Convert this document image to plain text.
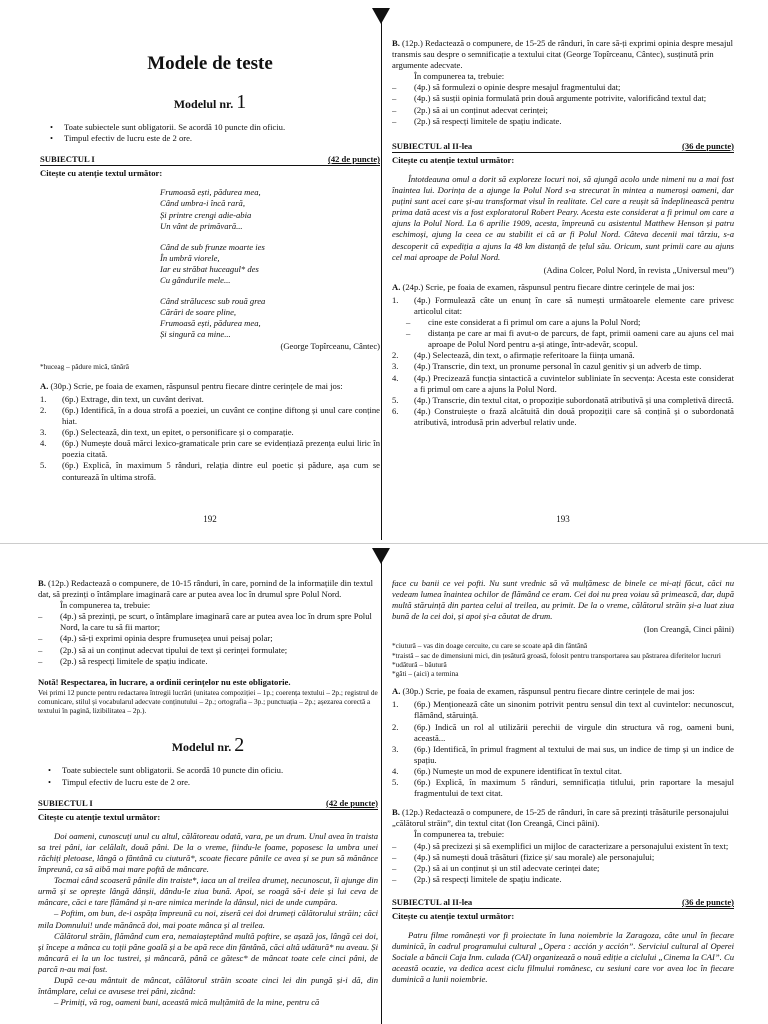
Modele de teste
Modelul nr. 1
• Toate subiectele sunt obligatorii. Se acordă 10 puncte din oficiu.
• Timpul efectiv de lucru este de 2 ore.
SUBIECTUL I	(42 de puncte)
Citește cu atenție textul următor:
Frumoasă ești, pădurea mea,
Când umbra-i încă rară,
Și printre crengi adie-abia
Un vânt de primăvară...
Când de sub frunze moarte ies
În umbră viorele,
Iar eu străbat huceagul* des
Cu gândurile mele...
Când strălucesc sub rouă grea
Cărări de soare pline,
Frumoasă ești, pădurea mea,
Și singură ca mine...
(George Topîrceanu, Cântec)
*huceag – pădure mică, tânără
A. (30p.) Scrie, pe foaia de examen, răspunsul pentru fiecare dintre cerințele de mai jos:
1. (6p.) Extrage, din text, un cuvânt derivat.
2. (6p.) Identifică, în a doua strofă a poeziei, un cuvânt ce conține diftong și unul care conține hiat.
3. (6p.) Selectează, din text, un epitet, o personificare și o comparație.
4. (6p.) Numește două mărci lexico-gramaticale prin care se evidențiază prezența eului liric în poezia citată.
5. (6p.) Explică, în maximum 5 rânduri, relația dintre eul poetic și pădure, așa cum se conturează în ultima strofă.
192
B. (12p.) Redactează o compunere, de 15-25 de rânduri, în care să-ți exprimi opinia despre mesajul transmis sau despre o semnificație a textului citat (George Topîrceanu, Cântec), susținută prin argumente adecvate.
În compunerea ta, trebuie:
– (4p.) să formulezi o opinie despre mesajul fragmentului dat;
– (4p.) să susții opinia formulată prin două argumente potrivite, valorificând textul dat;
– (2p.) să ai un conținut adecvat cerinței;
– (2p.) să respecți limitele de spațiu indicate.
SUBIECTUL al II-lea	(36 de puncte)
Citește cu atenție textul următor:

Întotdeauna omul a dorit să exploreze locuri noi, să ajungă acolo unde nimeni nu a mai fost înaintea lui. Dorința de a ajunge la Polul Nord s-a strecurat în mintea a numeroși oameni, dar puțini sunt acei care și-au transformat visul în realitate. Cel care a reușit să îndeplinească pentru prima dată acest vis a fost exploratorul Robert Peary. Acesta este considerat a fi primul om care a ajuns la Polul Nord. La 6 aprilie 1909, acesta, împreună cu asistentul Matthew Henson și patru eschimoși, ajung la ceea ce au stabilit ei că ar fi Polul Nord. Câteva decenii mai târziu, s-a descoperit că expediția a ajuns la 48 km distanță de țelul său. Oricum, sunt primii care au ajuns cel mai aproape de Polul Nord.

(Adina Colcer, Polul Nord, în revista „Universul meu”)
A. (24p.) Scrie, pe foaia de examen, răspunsul pentru fiecare dintre cerințele de mai jos:
1. (4p.) Formulează câte un enunț în care să numești următoarele elemente care privesc articolul citat:
– cine este considerat a fi primul om care a ajuns la Polul Nord;
– distanța pe care ar mai fi avut-o de parcurs, de fapt, primii oameni care au ajuns cel mai aproape de Polul Nord pentru a-și atinge, într-adevăr, scopul.
2. (4p.) Selectează, din text, o afirmație referitoare la ființa umană.
3. (4p.) Transcrie, din text, un pronume personal în cazul genitiv și un adverb de timp.
4. (4p.) Precizează funcția sintactică a cuvintelor subliniate în secvența: Acesta este considerat a fi primul om care a ajuns la Polul Nord.
5. (4p.) Transcrie, din textul citat, o propoziție subordonată atributivă și una completivă directă.
6. (4p.) Construiește o frază alcătuită din două propoziții care să conțină și o subordonată atributivă, introdusă prin adverbul relativ unde.
193
B. (12p.) Redactează o compunere, de 10-15 rânduri, în care, pornind de la informațiile din textul dat, să prezinți o întâmplare imaginară care ar putea avea loc în drumul spre Polul Nord.
În compunerea ta, trebuie:
– (4p.) să prezinți, pe scurt, o întâmplare imaginară care ar putea avea loc în drum spre Polul Nord, la care tu să fii martor;
– (4p.) să-ți exprimi opinia despre frumusețea unui peisaj polar;
– (2p.) să ai un conținut adecvat tipului de text și cerinței formulate;
– (2p.) să respecți limitele de spațiu indicate.
Notă! Respectarea, în lucrare, a ordinii cerințelor nu este obligatorie.
Vei primi 12 puncte pentru redactarea întregii lucrări (unitatea compoziției – 1p.; coerența textului – 2p.; registrul de comunicare, stilul și vocabularul adecvate conținutului – 2p.; ortografia – 3p.; punctuația – 2p.; așezarea corectă a textului în pagină, lizibilitatea – 2p.).
Modelul nr. 2
• Toate subiectele sunt obligatorii. Se acordă 10 puncte din oficiu.
• Timpul efectiv de lucru este de 2 ore.
SUBIECTUL I	(42 de puncte)
Citește cu atenție textul următor:

Doi oameni, cunoscuți unul cu altul, călătoreau odată, vara, pe un drum. Unul avea în traista sa trei pâni, iar celălalt, două pâni. De la o vreme, fiindu-le foame, poposesc la umbra unei răchiți pletoase, lângă o fântână cu ciutură*, scoate fiecare pânile ce avea și se pun să mănânce împreună, ca să aibă mai mare poftă de mâncare.

Tocmai când scoaseră pânile din traiste*, iaca un al treilea drumeț, necunoscut, îi ajunge din urmă și se oprește lângă dânșii, dându-le ziua bună. Apoi, se roagă să-i deie și lui ceva de mâncare, căci e tare flămând și n-are nimica merinde la dânsul, nici de unde cumpăra.

– Poftim, om bun, de-i ospăța împreună cu noi, ziseră cei doi drumeți călătorului străin; căci mila Domnului! unde mănâncă doi, mai poate mânca și al treilea.

Călătorul străin, flămând cum era, nemaiașteptând multă poftire, se așază jos, lângă cei doi, și începe a mânca cu toții pâne goală și a be apă rece din fântână, căci altă udătură* nu aveau. Și mâncară ei la un loc tustrei, și mâncară, până ce gătesc* de mâncat toate cele cinci pâni, de parcă n-au mai fost.

După ce-au mântuit de mâncat, călătorul străin scoate cinci lei din pungă și-i dă, din întâmplare, celui ce avusese trei pâni, zicând:

– Primiți, vă rog, oameni buni, această mică mulțămită de la mine, pentru că

face cu banii ce vei pofti. Nu sunt vrednic să vă mulțămesc de binele ce mi-ați făcut, căci nu vedeam lumea înaintea ochilor de flămând ce eram. Cei doi nu prea voiau să primească, dar, după multă stăruință din partea celui al treilea, au primit. De la o vreme, călătorul străin și-a luat ziua bună de la cei doi, și apoi și-a căutat de drum.

(Ion Creangă, Cinci pâini)
*ciutură – vas din doage cercuite, cu care se scoate apă din fântână
*traistă – sac de dimensiuni mici, din țesătură groasă, folosit pentru transportarea sau păstrarea diferitelor lucruri
*udătură – băutură
*găti – (aici) a termina
A. (30p.) Scrie, pe foaia de examen, răspunsul pentru fiecare dintre cerințele de mai jos:
1. (6p.) Menționează câte un sinonim potrivit pentru sensul din text al cuvintelor: necunoscut, flămând, stăruință.
2. (6p.) Indică un rol al utilizării perechii de virgule din structura vă rog, oameni buni, această...
3. (6p.) Identifică, în primul fragment al textului de mai sus, un indice de timp și un indice de spațiu.
4. (6p.) Numește un mod de expunere identificat în textul citat.
5. (6p.) Explică, în maximum 5 rânduri, semnificația titlului, prin raportare la mesajul fragmentului de text citat.
B. (12p.) Redactează o compunere, de 15-25 de rânduri, în care să prezinți trăsăturile personajului „călătorul străin”, din textul citat (Ion Creangă, Cinci pâini).
În compunerea ta, trebuie:
– (4p.) să precizezi și să exemplifici un mijloc de caracterizare a personajului existent în text;
– (4p.) să numești două trăsături (fizice și/ sau morale) ale personajului;
– (2p.) să ai un conținut și un stil adecvate cerinței date;
– (2p.) să respecți limitele de spațiu indicate.
SUBIECTUL al II-lea	(36 de puncte)
Citește cu atenție textul următor:

Patru filme românești vor fi proiectate în luna noiembrie la Zaragoza, câte unul în fiecare duminică, în cadrul programului cultural „Opera : acción y acción”. Serviciul cultural al Operei Sociale a băncii Caja Inm. culada (CAI) organizează o nouă ediție a ciclului „Cinema la CAI”. Cu această ocazie, va dedica acest ciclu filmului românesc, cu sesiuni care vor avea loc în fiecare duminică a lunii noiembrie.
